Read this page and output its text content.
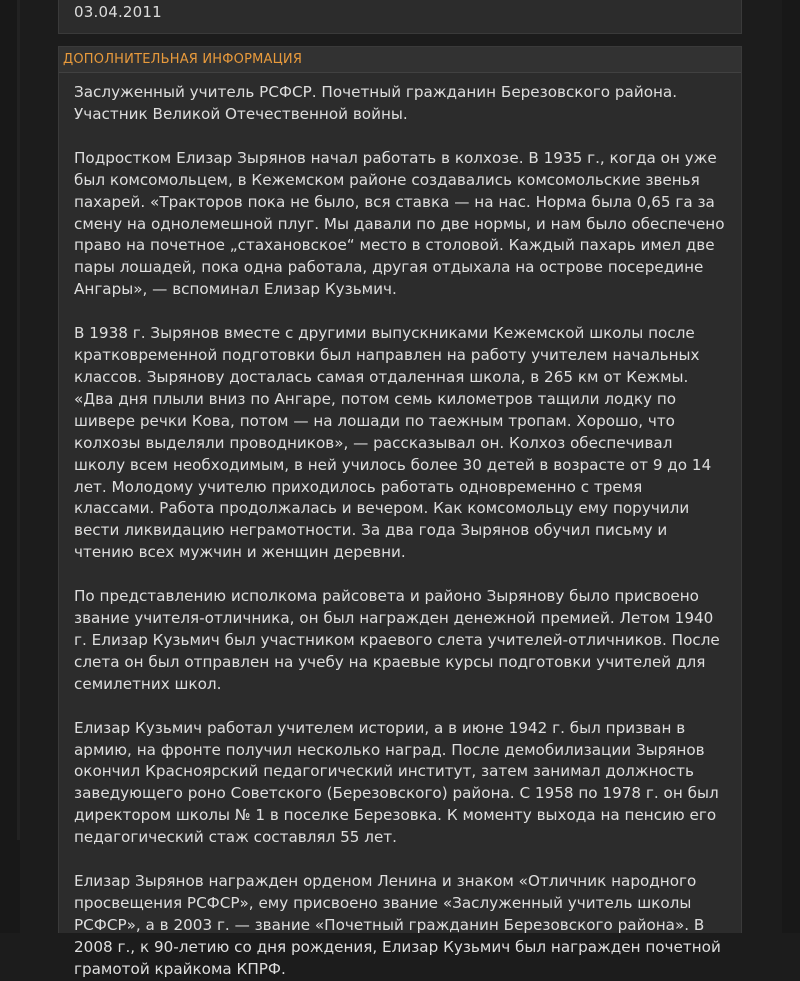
03.04.2011
ДОПОЛНИТЕЛЬНАЯ ИНФОРМАЦИЯ

Заслуженный учитель РСФСР. Почетный гражданин Березовского района. Участник Великой Отечественной войны.

Подростком Елизар Зырянов начал работать в колхозе. В 1935 г., когда он уже был комсомольцем, в Кежемском районе создавались комсомольские звенья пахарей. «Тракторов пока не было, вся ставка — на нас. Норма была 0,65 га за смену на однолемешной плуг. Мы давали по две нормы, и нам было обеспечено право на почетное „стахановское“ место в столовой. Каждый пахарь имел две пары лошадей, пока одна работала, другая отдыхала на острове посередине Ангары», — вспоминал Елизар Кузьмич.

В 1938 г. Зырянов вместе с другими выпускниками Кежемской школы после кратковременной подготовки был направлен на работу учителем начальных классов. Зырянову досталась самая отдаленная школа, в 265 км от Кежмы. «Два дня плыли вниз по Ангаре, потом семь километров тащили лодку по шивере речки Кова, потом — на лошади по таежным тропам. Хорошо, что колхозы выделяли проводников», — рассказывал он. Колхоз обеспечивал школу всем необходимым, в ней училось более 30 детей в возрасте от 9 до 14 лет. Молодому учителю приходилось работать одновременно с тремя классами. Работа продолжалась и вечером. Как комсомольцу ему поручили вести ликвидацию неграмотности. За два года Зырянов обучил письму и чтению всех мужчин и женщин деревни.

По представлению исполкома райсовета и районо Зырянову было присвоено звание учителя-отличника, он был награжден денежной премией. Летом 1940 г. Елизар Кузьмич был участником краевого слета учителей-отличников. После слета он был отправлен на учебу на краевые курсы подготовки учителей для семилетних школ.

Елизар Кузьмич работал учителем истории, а в июне 1942 г. был призван в армию, на фронте получил несколько наград. После демобилизации Зырянов окончил Красноярский педагогический институт, затем занимал должность заведующего роно Советского (Березовского) района. С 1958 по 1978 г. он был директором школы № 1 в поселке Березовка. К моменту выхода на пенсию его педагогический стаж составлял 55 лет.

Елизар Зырянов награжден орденом Ленина и знаком «Отличник народного просвещения РСФСР», ему присвоено звание «Заслуженный учитель школы РСФСР», а в 2003 г. — звание «Почетный гражданин Березовского района». В 2008 г., к 90-летию со дня рождения, Елизар Кузьмич был награжден почетной грамотой крайкома КПРФ.
